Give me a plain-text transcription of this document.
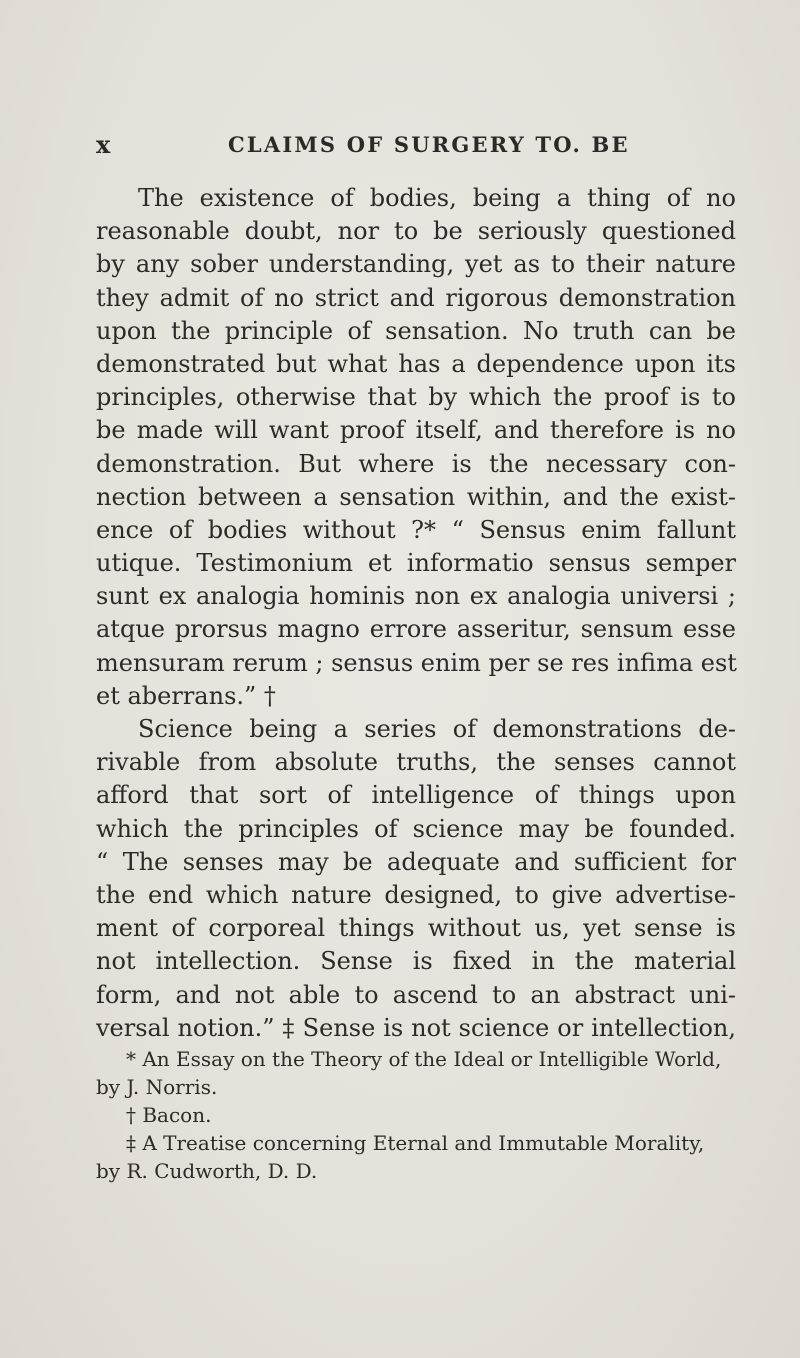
x	CLAIMS OF SURGERY TO. BE
The existence of bodies, being a thing of no
reasonable doubt, nor to be seriously questioned
by any sober understanding, yet as to their nature
they admit of no strict and rigorous demonstration
upon the principle of sensation. No truth can be
demonstrated but what has a dependence upon its
principles, otherwise that by which the proof is to
be made will want proof itself, and therefore is no
demonstration. But where is the necessary con-
nection between a sensation within, and the exist-
ence of bodies without ?* “ Sensus enim fallunt
utique. Testimonium et informatio sensus semper
sunt ex analogia hominis non ex analogia universi ;
atque prorsus magno errore asseritur, sensum esse
mensuram rerum ; sensus enim per se res infima est
et aberrans.” †
Science being a series of demonstrations de-
rivable from absolute truths, the senses cannot
afford that sort of intelligence of things upon
which the principles of science may be founded.
“ The senses may be adequate and sufficient for
the end which nature designed, to give advertise-
ment of corporeal things without us, yet sense is
not intellection. Sense is fixed in the material
form, and not able to ascend to an abstract uni-
versal notion.” ‡ Sense is not science or intellection,
* An Essay on the Theory of the Ideal or Intelligible World,
by J. Norris.
† Bacon.
‡ A Treatise concerning Eternal and Immutable Morality,
by R. Cudworth, D. D.
